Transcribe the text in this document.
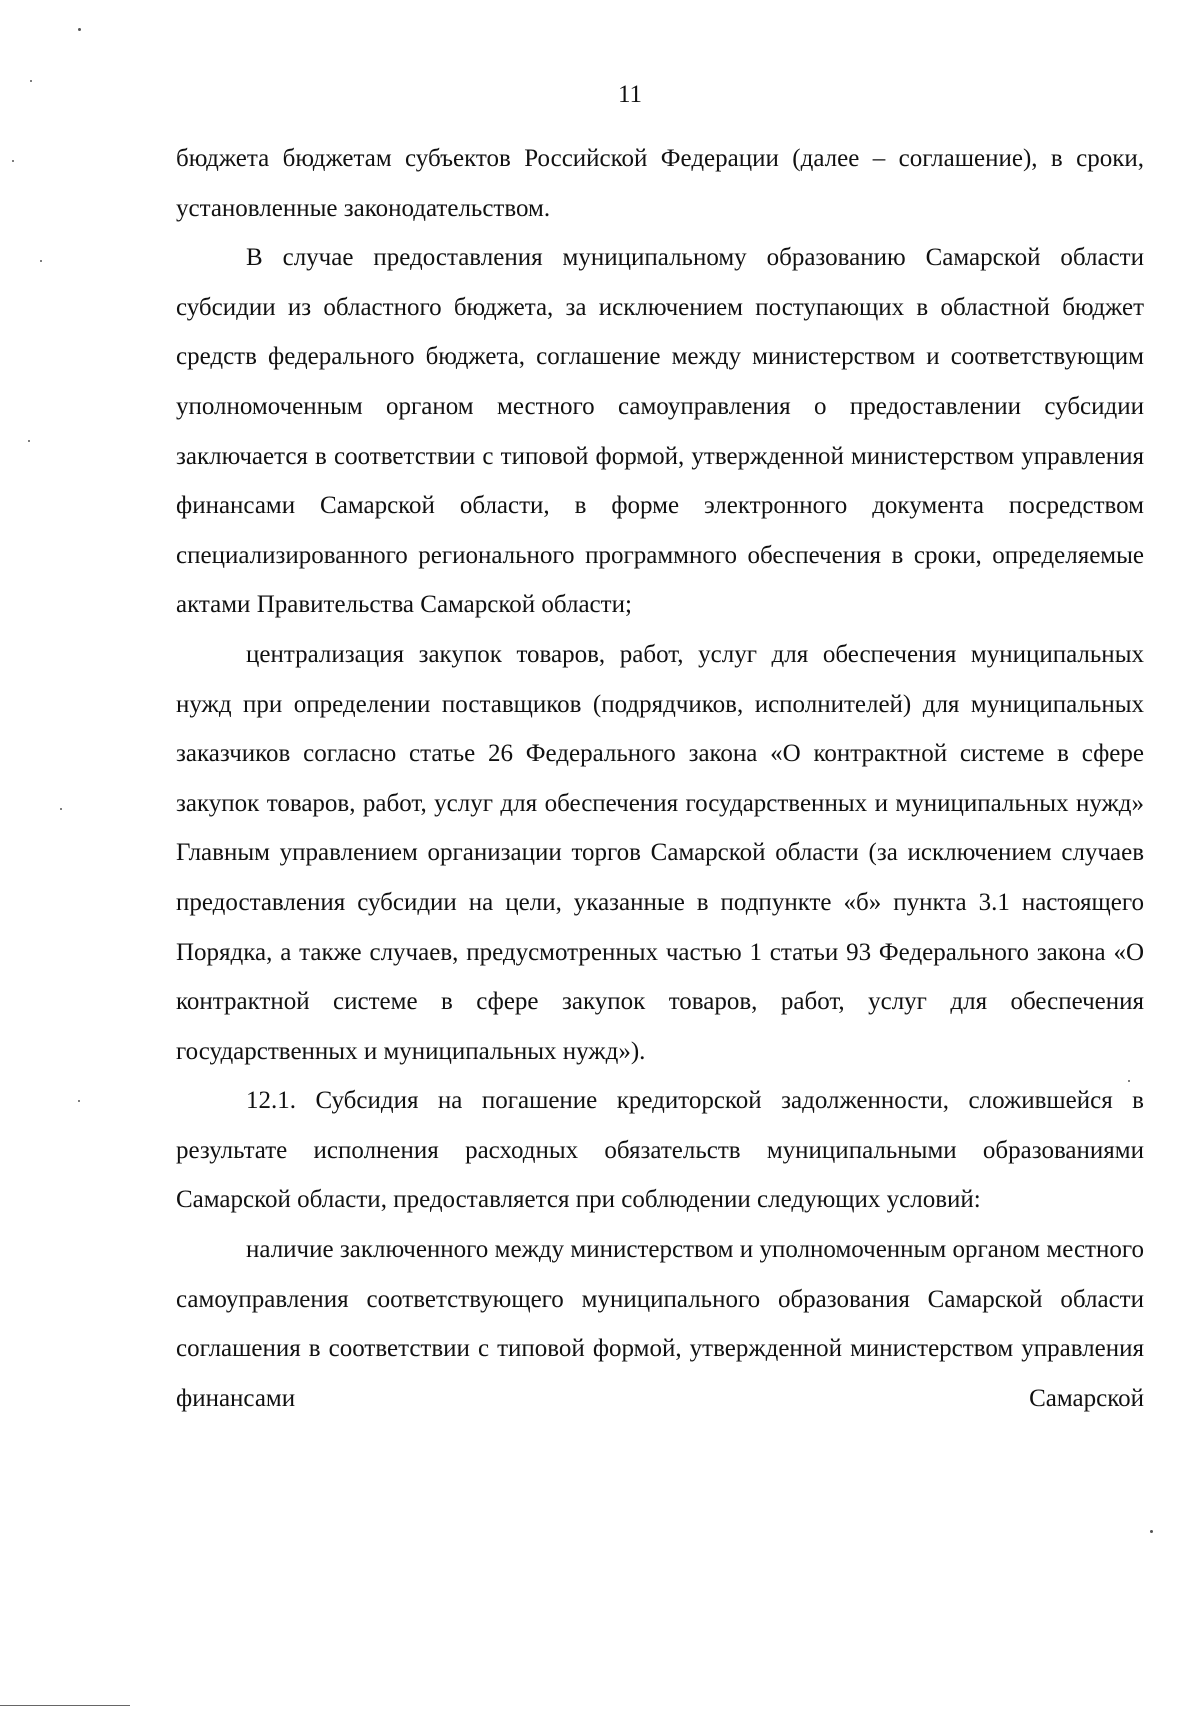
11

бюджета бюджетам субъектов Российской Федерации (далее – соглашение), в сроки, установленные законодательством.

В случае предоставления муниципальному образованию Самарской области субсидии из областного бюджета, за исключением поступающих в областной бюджет средств федерального бюджета, соглашение между министерством и соответствующим уполномоченным органом местного самоуправления о предоставлении субсидии заключается в соответствии с типовой формой, утвержденной министерством управления финансами Самарской области, в форме электронного документа посредством специализированного регионального программного обеспечения в сроки, определяемые актами Правительства Самарской области;

централизация закупок товаров, работ, услуг для обеспечения муниципальных нужд при определении поставщиков (подрядчиков, исполнителей) для муниципальных заказчиков согласно статье 26 Федерального закона «О контрактной системе в сфере закупок товаров, работ, услуг для обеспечения государственных и муниципальных нужд» Главным управлением организации торгов Самарской области (за исключением случаев предоставления субсидии на цели, указанные в подпункте «б» пункта 3.1 настоящего Порядка, а также случаев, предусмотренных частью 1 статьи 93 Федерального закона «О контрактной системе в сфере закупок товаров, работ, услуг для обеспечения государственных и муниципальных нужд»).

12.1. Субсидия на погашение кредиторской задолженности, сложившейся в результате исполнения расходных обязательств муниципальными образованиями Самарской области, предоставляется при соблюдении следующих условий:

наличие заключенного между министерством и уполномоченным органом местного самоуправления соответствующего муниципального образования Самарской области соглашения в соответствии с типовой формой, утвержденной министерством управления финансами Самарской
